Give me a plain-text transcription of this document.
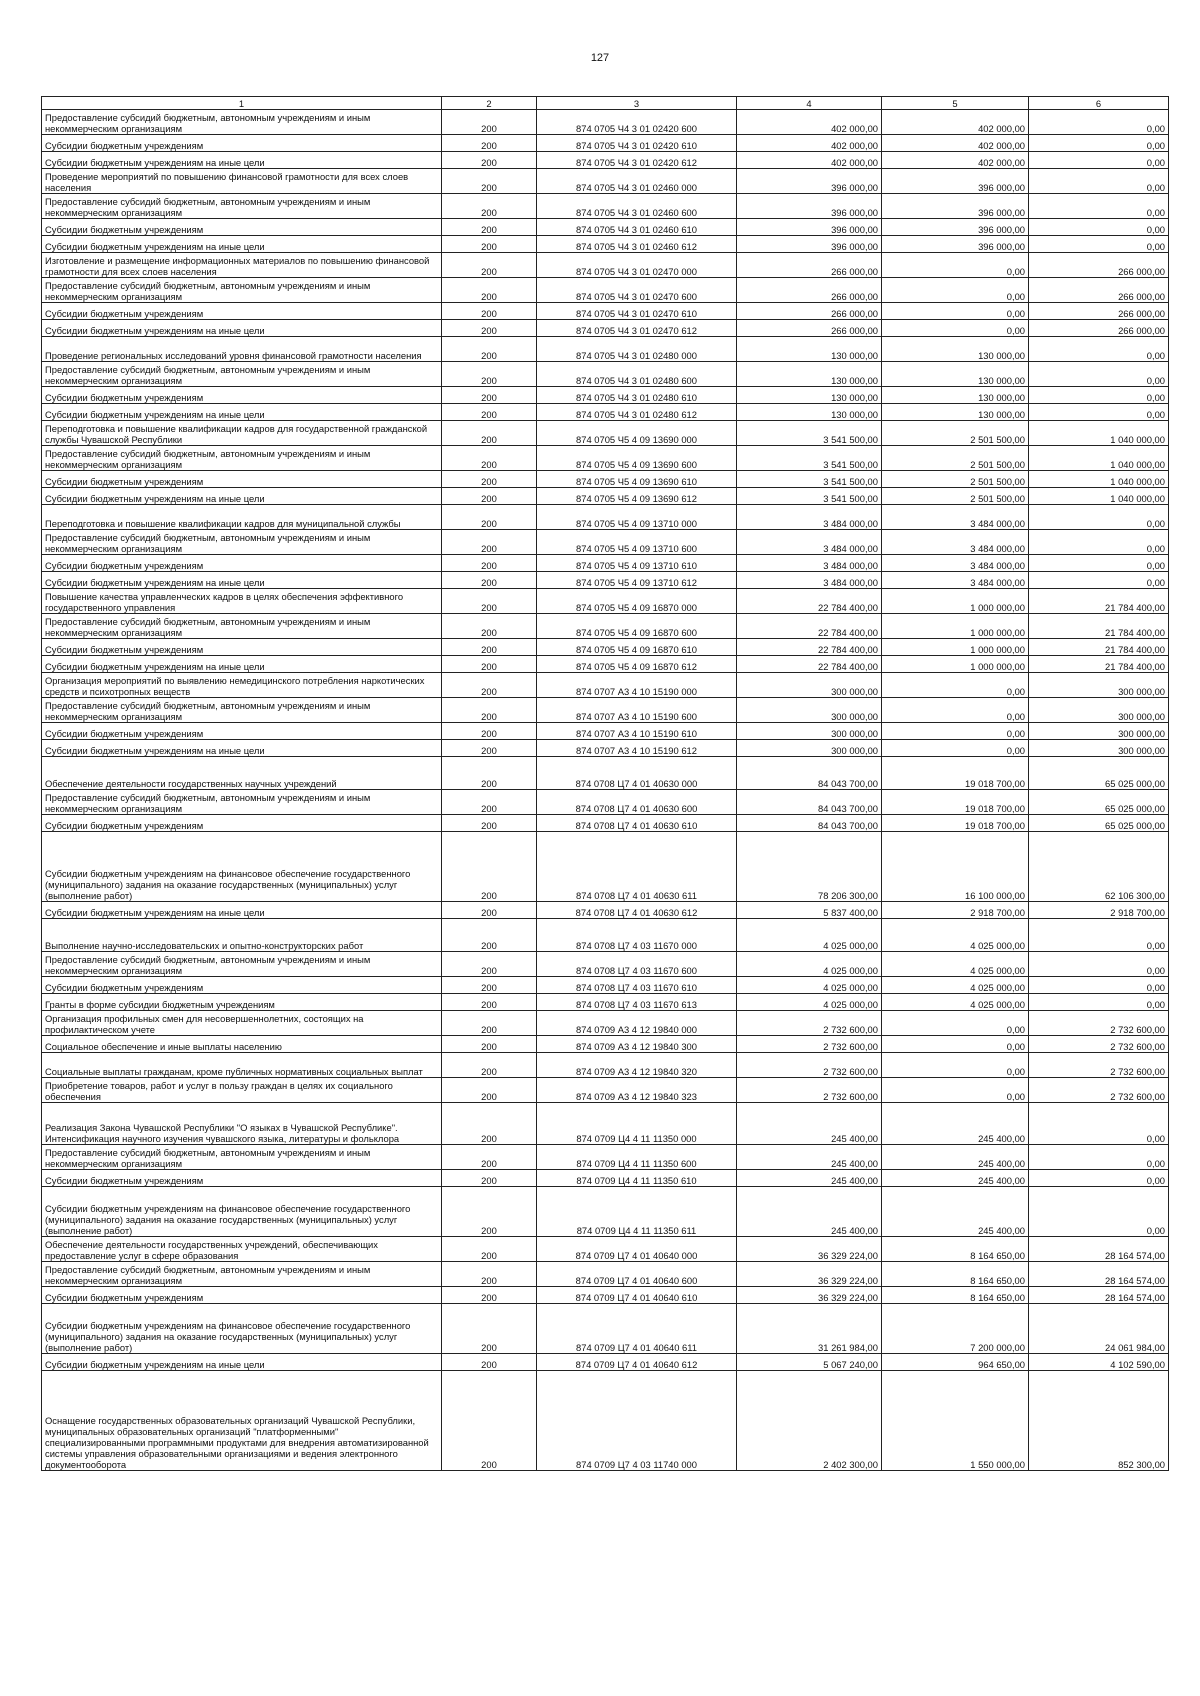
127
1	2	3	4	5	6
Предоставление субсидий бюджетным, автономным учреждениям и иным некоммерческим организациям	200	874 0705 Ч4 3 01 02420 600	402 000,00	402 000,00	0,00
Субсидии бюджетным учреждениям	200	874 0705 Ч4 3 01 02420 610	402 000,00	402 000,00	0,00
Субсидии бюджетным учреждениям на иные цели	200	874 0705 Ч4 3 01 02420 612	402 000,00	402 000,00	0,00
Проведение мероприятий по повышению финансовой грамотности для всех слоев населения	200	874 0705 Ч4 3 01 02460 000	396 000,00	396 000,00	0,00
Предоставление субсидий бюджетным, автономным учреждениям и иным некоммерческим организациям	200	874 0705 Ч4 3 01 02460 600	396 000,00	396 000,00	0,00
Субсидии бюджетным учреждениям	200	874 0705 Ч4 3 01 02460 610	396 000,00	396 000,00	0,00
Субсидии бюджетным учреждениям на иные цели	200	874 0705 Ч4 3 01 02460 612	396 000,00	396 000,00	0,00
Изготовление и размещение информационных материалов по повышению финансовой грамотности для всех слоев населения	200	874 0705 Ч4 3 01 02470 000	266 000,00	0,00	266 000,00
Предоставление субсидий бюджетным, автономным учреждениям и иным некоммерческим организациям	200	874 0705 Ч4 3 01 02470 600	266 000,00	0,00	266 000,00
Субсидии бюджетным учреждениям	200	874 0705 Ч4 3 01 02470 610	266 000,00	0,00	266 000,00
Субсидии бюджетным учреждениям на иные цели	200	874 0705 Ч4 3 01 02470 612	266 000,00	0,00	266 000,00
Проведение региональных исследований уровня финансовой грамотности населения	200	874 0705 Ч4 3 01 02480 000	130 000,00	130 000,00	0,00
Предоставление субсидий бюджетным, автономным учреждениям и иным некоммерческим организациям	200	874 0705 Ч4 3 01 02480 600	130 000,00	130 000,00	0,00
Субсидии бюджетным учреждениям	200	874 0705 Ч4 3 01 02480 610	130 000,00	130 000,00	0,00
Субсидии бюджетным учреждениям на иные цели	200	874 0705 Ч4 3 01 02480 612	130 000,00	130 000,00	0,00
Переподготовка и повышение квалификации кадров для государственной гражданской службы Чувашской Республики	200	874 0705 Ч5 4 09 13690 000	3 541 500,00	2 501 500,00	1 040 000,00
Предоставление субсидий бюджетным, автономным учреждениям и иным некоммерческим организациям	200	874 0705 Ч5 4 09 13690 600	3 541 500,00	2 501 500,00	1 040 000,00
Субсидии бюджетным учреждениям	200	874 0705 Ч5 4 09 13690 610	3 541 500,00	2 501 500,00	1 040 000,00
Субсидии бюджетным учреждениям на иные цели	200	874 0705 Ч5 4 09 13690 612	3 541 500,00	2 501 500,00	1 040 000,00
Переподготовка и повышение квалификации кадров для муниципальной службы	200	874 0705 Ч5 4 09 13710 000	3 484 000,00	3 484 000,00	0,00
Предоставление субсидий бюджетным, автономным учреждениям и иным некоммерческим организациям	200	874 0705 Ч5 4 09 13710 600	3 484 000,00	3 484 000,00	0,00
Субсидии бюджетным учреждениям	200	874 0705 Ч5 4 09 13710 610	3 484 000,00	3 484 000,00	0,00
Субсидии бюджетным учреждениям на иные цели	200	874 0705 Ч5 4 09 13710 612	3 484 000,00	3 484 000,00	0,00
Повышение качества управленческих кадров в целях обеспечения эффективного государственного управления	200	874 0705 Ч5 4 09 16870 000	22 784 400,00	1 000 000,00	21 784 400,00
Предоставление субсидий бюджетным, автономным учреждениям и иным некоммерческим организациям	200	874 0705 Ч5 4 09 16870 600	22 784 400,00	1 000 000,00	21 784 400,00
Субсидии бюджетным учреждениям	200	874 0705 Ч5 4 09 16870 610	22 784 400,00	1 000 000,00	21 784 400,00
Субсидии бюджетным учреждениям на иные цели	200	874 0705 Ч5 4 09 16870 612	22 784 400,00	1 000 000,00	21 784 400,00
Организация мероприятий по выявлению немедицинского потребления наркотических средств и психотропных веществ	200	874 0707 А3 4 10 15190 000	300 000,00	0,00	300 000,00
Предоставление субсидий бюджетным, автономным учреждениям и иным некоммерческим организациям	200	874 0707 А3 4 10 15190 600	300 000,00	0,00	300 000,00
Субсидии бюджетным учреждениям	200	874 0707 А3 4 10 15190 610	300 000,00	0,00	300 000,00
Субсидии бюджетным учреждениям на иные цели	200	874 0707 А3 4 10 15190 612	300 000,00	0,00	300 000,00
Обеспечение деятельности государственных научных учреждений	200	874 0708 Ц7 4 01 40630 000	84 043 700,00	19 018 700,00	65 025 000,00
Предоставление субсидий бюджетным, автономным учреждениям и иным некоммерческим организациям	200	874 0708 Ц7 4 01 40630 600	84 043 700,00	19 018 700,00	65 025 000,00
Субсидии бюджетным учреждениям	200	874 0708 Ц7 4 01 40630 610	84 043 700,00	19 018 700,00	65 025 000,00
Субсидии бюджетным учреждениям на финансовое обеспечение государственного (муниципального) задания на оказание государственных (муниципальных) услуг (выполнение работ)	200	874 0708 Ц7 4 01 40630 611	78 206 300,00	16 100 000,00	62 106 300,00
Субсидии бюджетным учреждениям на иные цели	200	874 0708 Ц7 4 01 40630 612	5 837 400,00	2 918 700,00	2 918 700,00
Выполнение научно-исследовательских и опытно-конструкторских работ	200	874 0708 Ц7 4 03 11670 000	4 025 000,00	4 025 000,00	0,00
Предоставление субсидий бюджетным, автономным учреждениям и иным некоммерческим организациям	200	874 0708 Ц7 4 03 11670 600	4 025 000,00	4 025 000,00	0,00
Субсидии бюджетным учреждениям	200	874 0708 Ц7 4 03 11670 610	4 025 000,00	4 025 000,00	0,00
Гранты в форме субсидии бюджетным учреждениям	200	874 0708 Ц7 4 03 11670 613	4 025 000,00	4 025 000,00	0,00
Организация профильных смен для несовершеннолетних, состоящих на профилактическом учете	200	874 0709 А3 4 12 19840 000	2 732 600,00	0,00	2 732 600,00
Социальное обеспечение и иные выплаты населению	200	874 0709 А3 4 12 19840 300	2 732 600,00	0,00	2 732 600,00
Социальные выплаты гражданам, кроме публичных нормативных социальных выплат	200	874 0709 А3 4 12 19840 320	2 732 600,00	0,00	2 732 600,00
Приобретение товаров, работ и услуг в пользу граждан в целях их социального обеспечения	200	874 0709 А3 4 12 19840 323	2 732 600,00	0,00	2 732 600,00
Реализация Закона Чувашской Республики "О языках в Чувашской Республике". Интенсификация научного изучения чувашского языка, литературы и фольклора	200	874 0709 Ц4 4 11 11350 000	245 400,00	245 400,00	0,00
Предоставление субсидий бюджетным, автономным учреждениям и иным некоммерческим организациям	200	874 0709 Ц4 4 11 11350 600	245 400,00	245 400,00	0,00
Субсидии бюджетным учреждениям	200	874 0709 Ц4 4 11 11350 610	245 400,00	245 400,00	0,00
Субсидии бюджетным учреждениям на финансовое обеспечение государственного (муниципального) задания на оказание государственных (муниципальных) услуг (выполнение работ)	200	874 0709 Ц4 4 11 11350 611	245 400,00	245 400,00	0,00
Обеспечение деятельности государственных учреждений, обеспечивающих предоставление услуг в сфере образования	200	874 0709 Ц7 4 01 40640 000	36 329 224,00	8 164 650,00	28 164 574,00
Предоставление субсидий бюджетным, автономным учреждениям и иным некоммерческим организациям	200	874 0709 Ц7 4 01 40640 600	36 329 224,00	8 164 650,00	28 164 574,00
Субсидии бюджетным учреждениям	200	874 0709 Ц7 4 01 40640 610	36 329 224,00	8 164 650,00	28 164 574,00
Субсидии бюджетным учреждениям на финансовое обеспечение государственного (муниципального) задания на оказание государственных (муниципальных) услуг (выполнение работ)	200	874 0709 Ц7 4 01 40640 611	31 261 984,00	7 200 000,00	24 061 984,00
Субсидии бюджетным учреждениям на иные цели	200	874 0709 Ц7 4 01 40640 612	5 067 240,00	964 650,00	4 102 590,00
Оснащение государственных образовательных организаций Чувашской Республики, муниципальных образовательных организаций "платформенными" специализированными программными продуктами для внедрения автоматизированной системы управления образовательными организациями и ведения электронного документооборота	200	874 0709 Ц7 4 03 11740 000	2 402 300,00	1 550 000,00	852 300,00
